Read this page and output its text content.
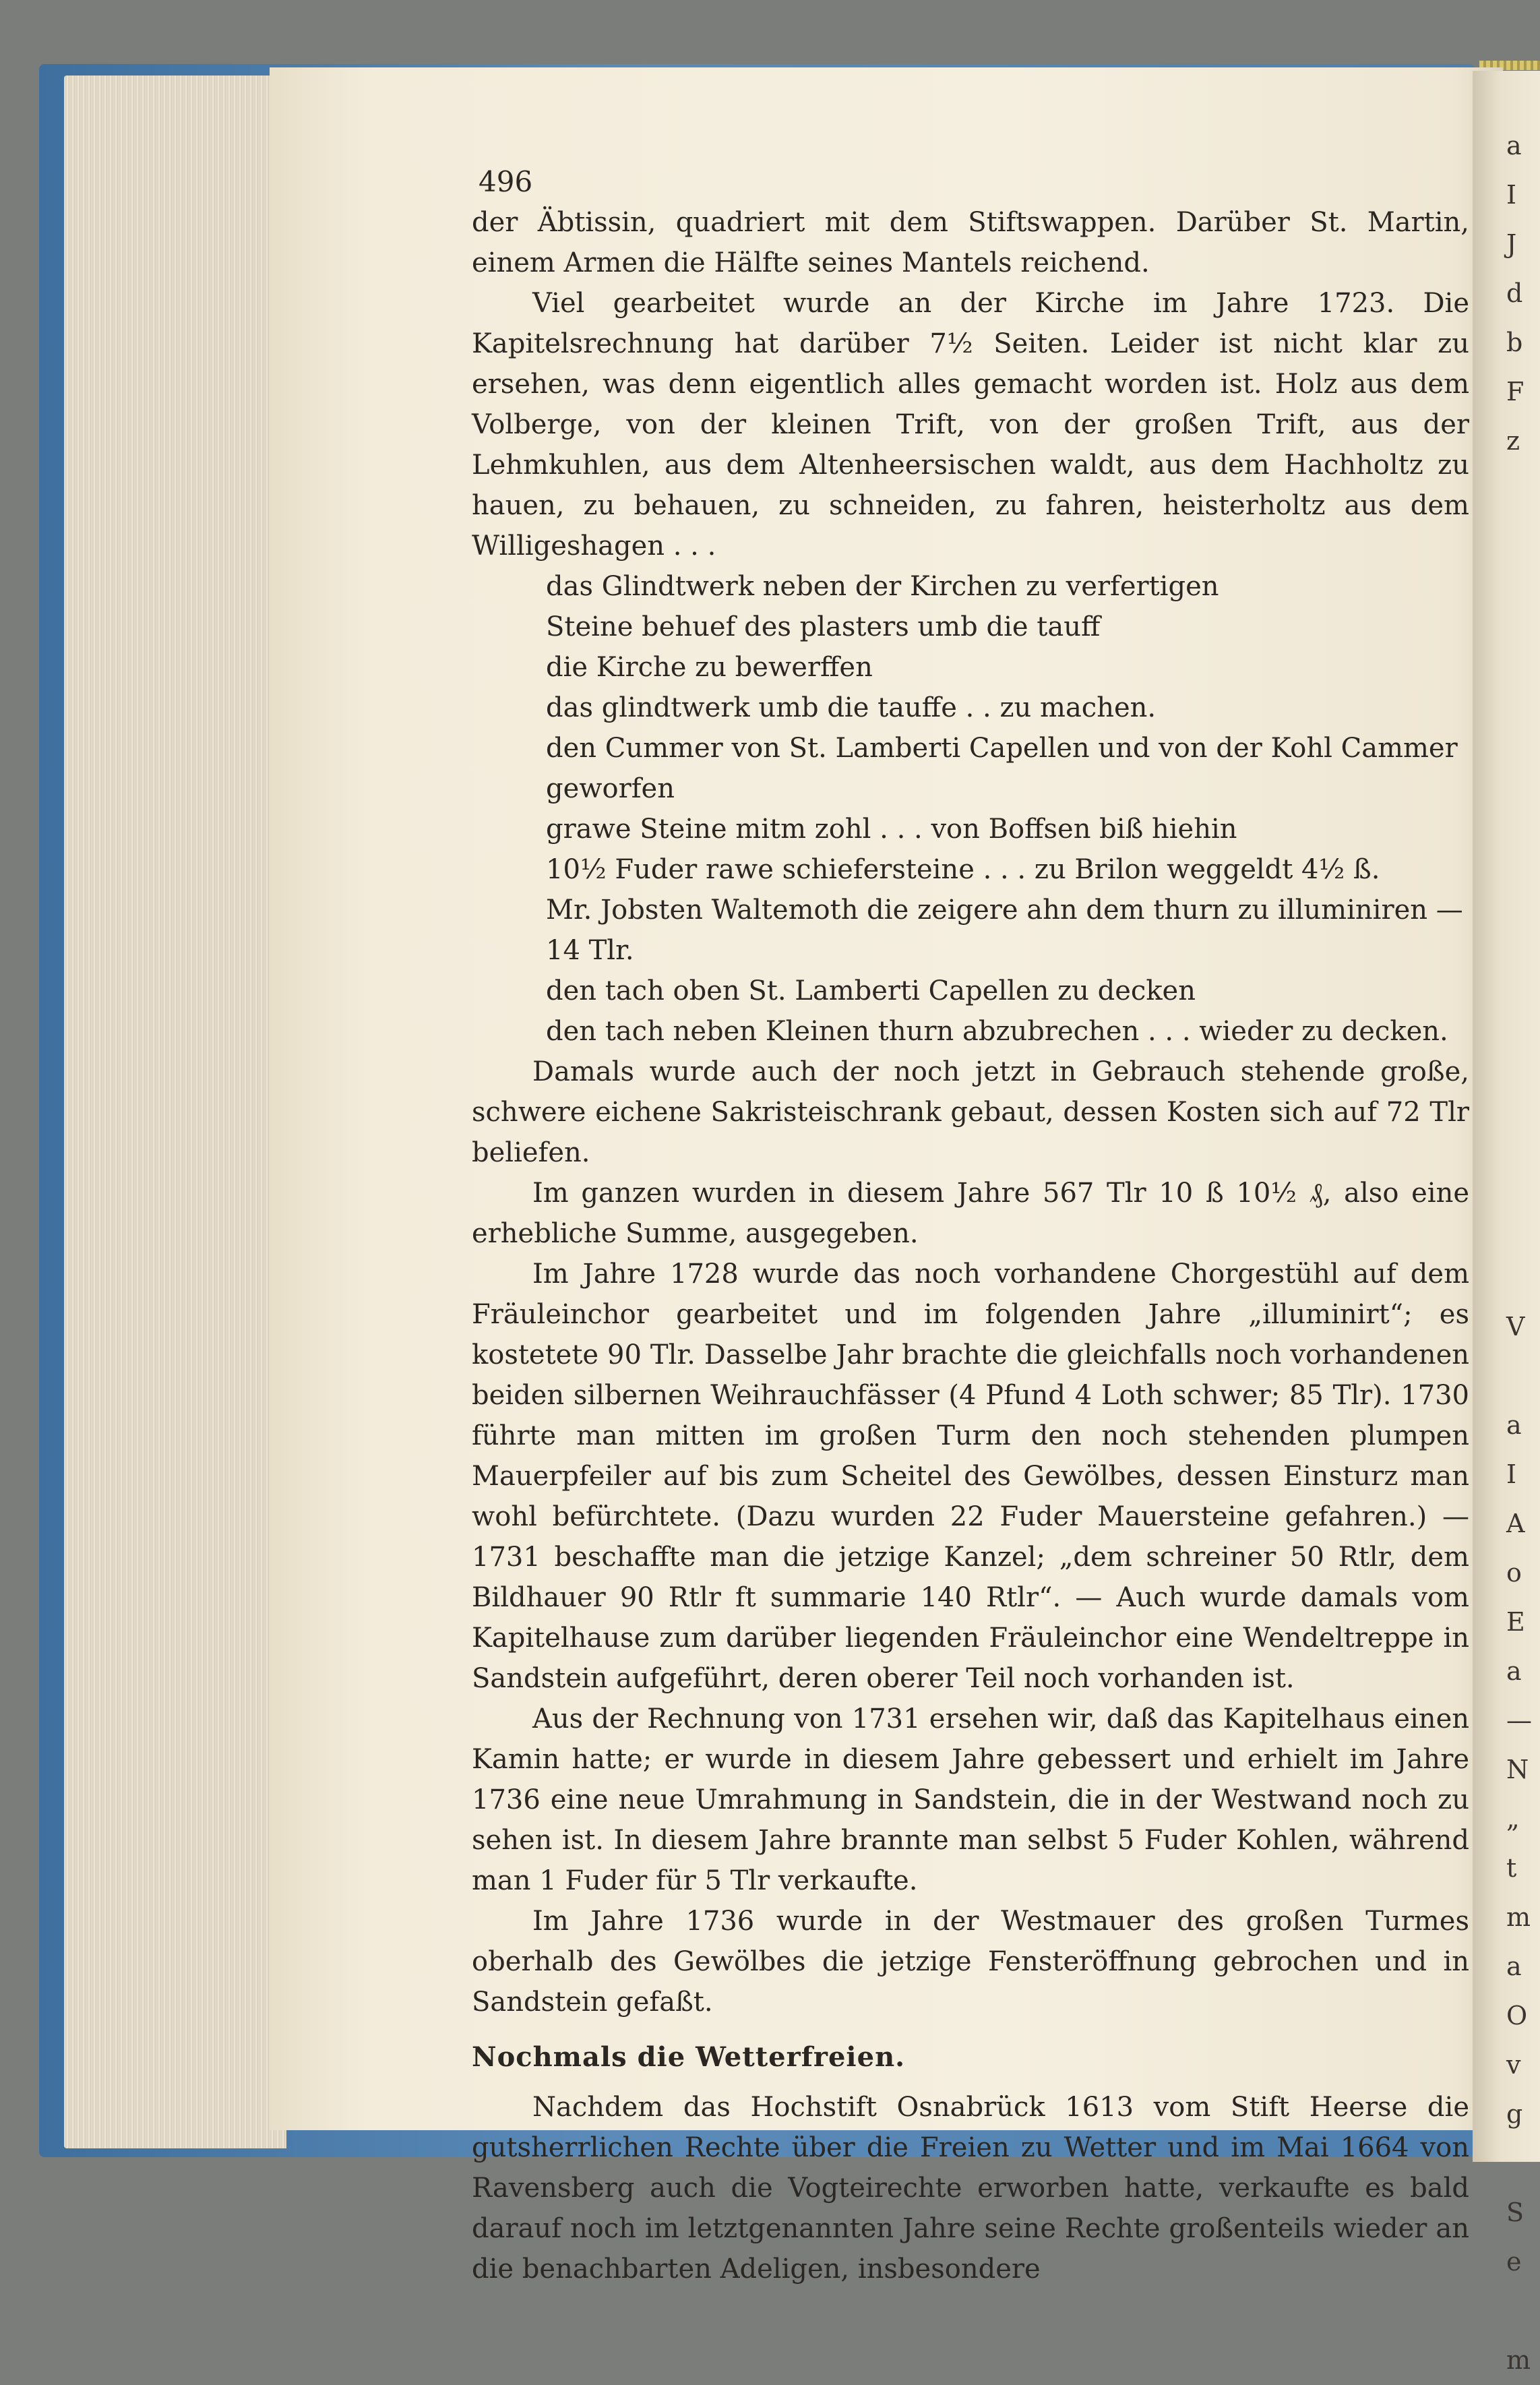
a
I
J
d
b
F
z

V

a
I
A
o
E
a
—
N
„
t
m
a
O
v
g

S
e

m
496

der Äbtissin, quadriert mit dem Stiftswappen. Darüber St. Martin, einem Armen die Hälfte seines Mantels reichend.

Viel gearbeitet wurde an der Kirche im Jahre 1723. Die Kapitelsrechnung hat darüber 7½ Seiten. Leider ist nicht klar zu ersehen, was denn eigentlich alles gemacht worden ist. Holz aus dem Volberge, von der kleinen Trift, von der großen Trift, aus der Lehmkuhlen, aus dem Altenheersischen waldt, aus dem Hachholtz zu hauen, zu behauen, zu schneiden, zu fahren, heisterholtz aus dem Willigeshagen . . .

das Glindtwerk neben der Kirchen zu verfertigen

Steine behuef des plasters umb die tauff

die Kirche zu bewerffen

das glindtwerk umb die tauffe . . zu machen.

den Cummer von St. Lamberti Capellen und von der Kohl Cammer geworfen

grawe Steine mitm zohl . . . von Boffsen biß hiehin

10½ Fuder rawe schiefersteine . . . zu Brilon weggeldt 4½ ß.

Mr. Jobsten Waltemoth die zeigere ahn dem thurn zu illuminiren — 14 Tlr.

den tach oben St. Lamberti Capellen zu decken

den tach neben Kleinen thurn abzubrechen . . . wieder zu decken.

Damals wurde auch der noch jetzt in Gebrauch stehende große, schwere eichene Sakristeischrank gebaut, dessen Kosten sich auf 72 Tlr beliefen.

Im ganzen wurden in diesem Jahre 567 Tlr 10 ß 10½ ₰, also eine erhebliche Summe, ausgegeben.

Im Jahre 1728 wurde das noch vorhandene Chorgestühl auf dem Fräuleinchor gearbeitet und im folgenden Jahre „illuminirt“; es kostetete 90 Tlr. Dasselbe Jahr brachte die gleichfalls noch vorhandenen beiden silbernen Weihrauchfässer (4 Pfund 4 Loth schwer; 85 Tlr). 1730 führte man mitten im großen Turm den noch stehenden plumpen Mauerpfeiler auf bis zum Scheitel des Gewölbes, dessen Einsturz man wohl befürchtete. (Dazu wurden 22 Fuder Mauersteine gefahren.) — 1731 beschaffte man die jetzige Kanzel; „dem schreiner 50 Rtlr, dem Bildhauer 90 Rtlr ft summarie 140 Rtlr“. — Auch wurde damals vom Kapitelhause zum darüber liegenden Fräuleinchor eine Wendeltreppe in Sandstein aufgeführt, deren oberer Teil noch vorhanden ist.

Aus der Rechnung von 1731 ersehen wir, daß das Kapitelhaus einen Kamin hatte; er wurde in diesem Jahre gebessert und erhielt im Jahre 1736 eine neue Umrahmung in Sandstein, die in der Westwand noch zu sehen ist. In diesem Jahre brannte man selbst 5 Fuder Kohlen, während man 1 Fuder für 5 Tlr verkaufte.

Im Jahre 1736 wurde in der Westmauer des großen Turmes oberhalb des Gewölbes die jetzige Fensteröffnung gebrochen und in Sandstein gefaßt.

Nochmals die Wetterfreien.

Nachdem das Hochstift Osnabrück 1613 vom Stift Heerse die gutsherrlichen Rechte über die Freien zu Wetter und im Mai 1664 von Ravensberg auch die Vogteirechte erworben hatte, verkaufte es bald darauf noch im letztgenannten Jahre seine Rechte großenteils wieder an die benachbarten Adeligen, insbesondere
